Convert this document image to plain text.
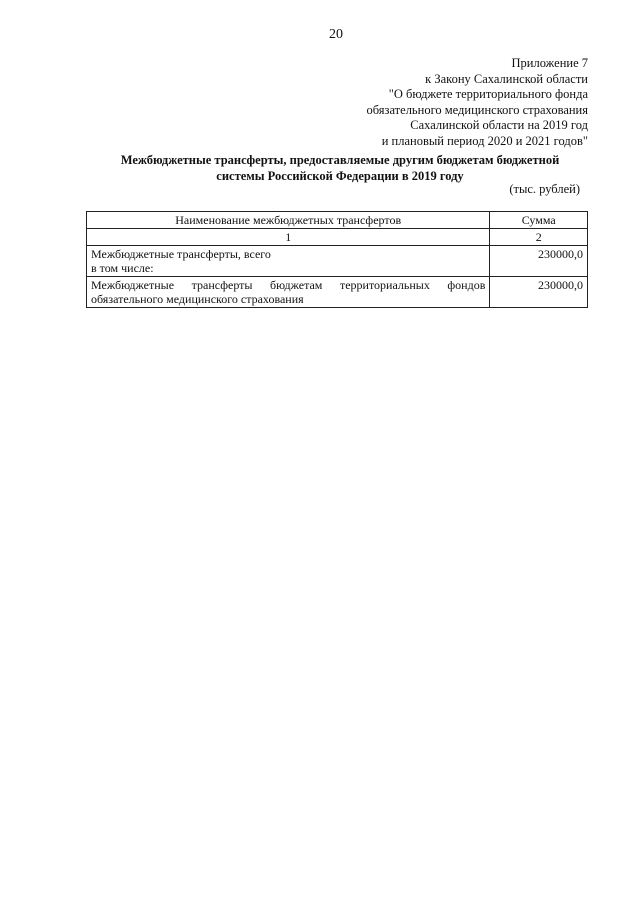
20
Приложение 7
к Закону Сахалинской области
"О бюджете территориального фонда
обязательного медицинского страхования
Сахалинской области на 2019 год
и плановый период 2020 и 2021 годов"
Межбюджетные трансферты, предоставляемые другим бюджетам бюджетной
системы Российской Федерации в 2019 году
(тыс. рублей)
Наименование межбюджетных трансфертов	Сумма
1	2

Межбюджетные трансферты, всего
в том числе:	230000,0
Межбюджетные трансферты бюджетам территориальных фондов обязательного медицинского страхования	230000,0
